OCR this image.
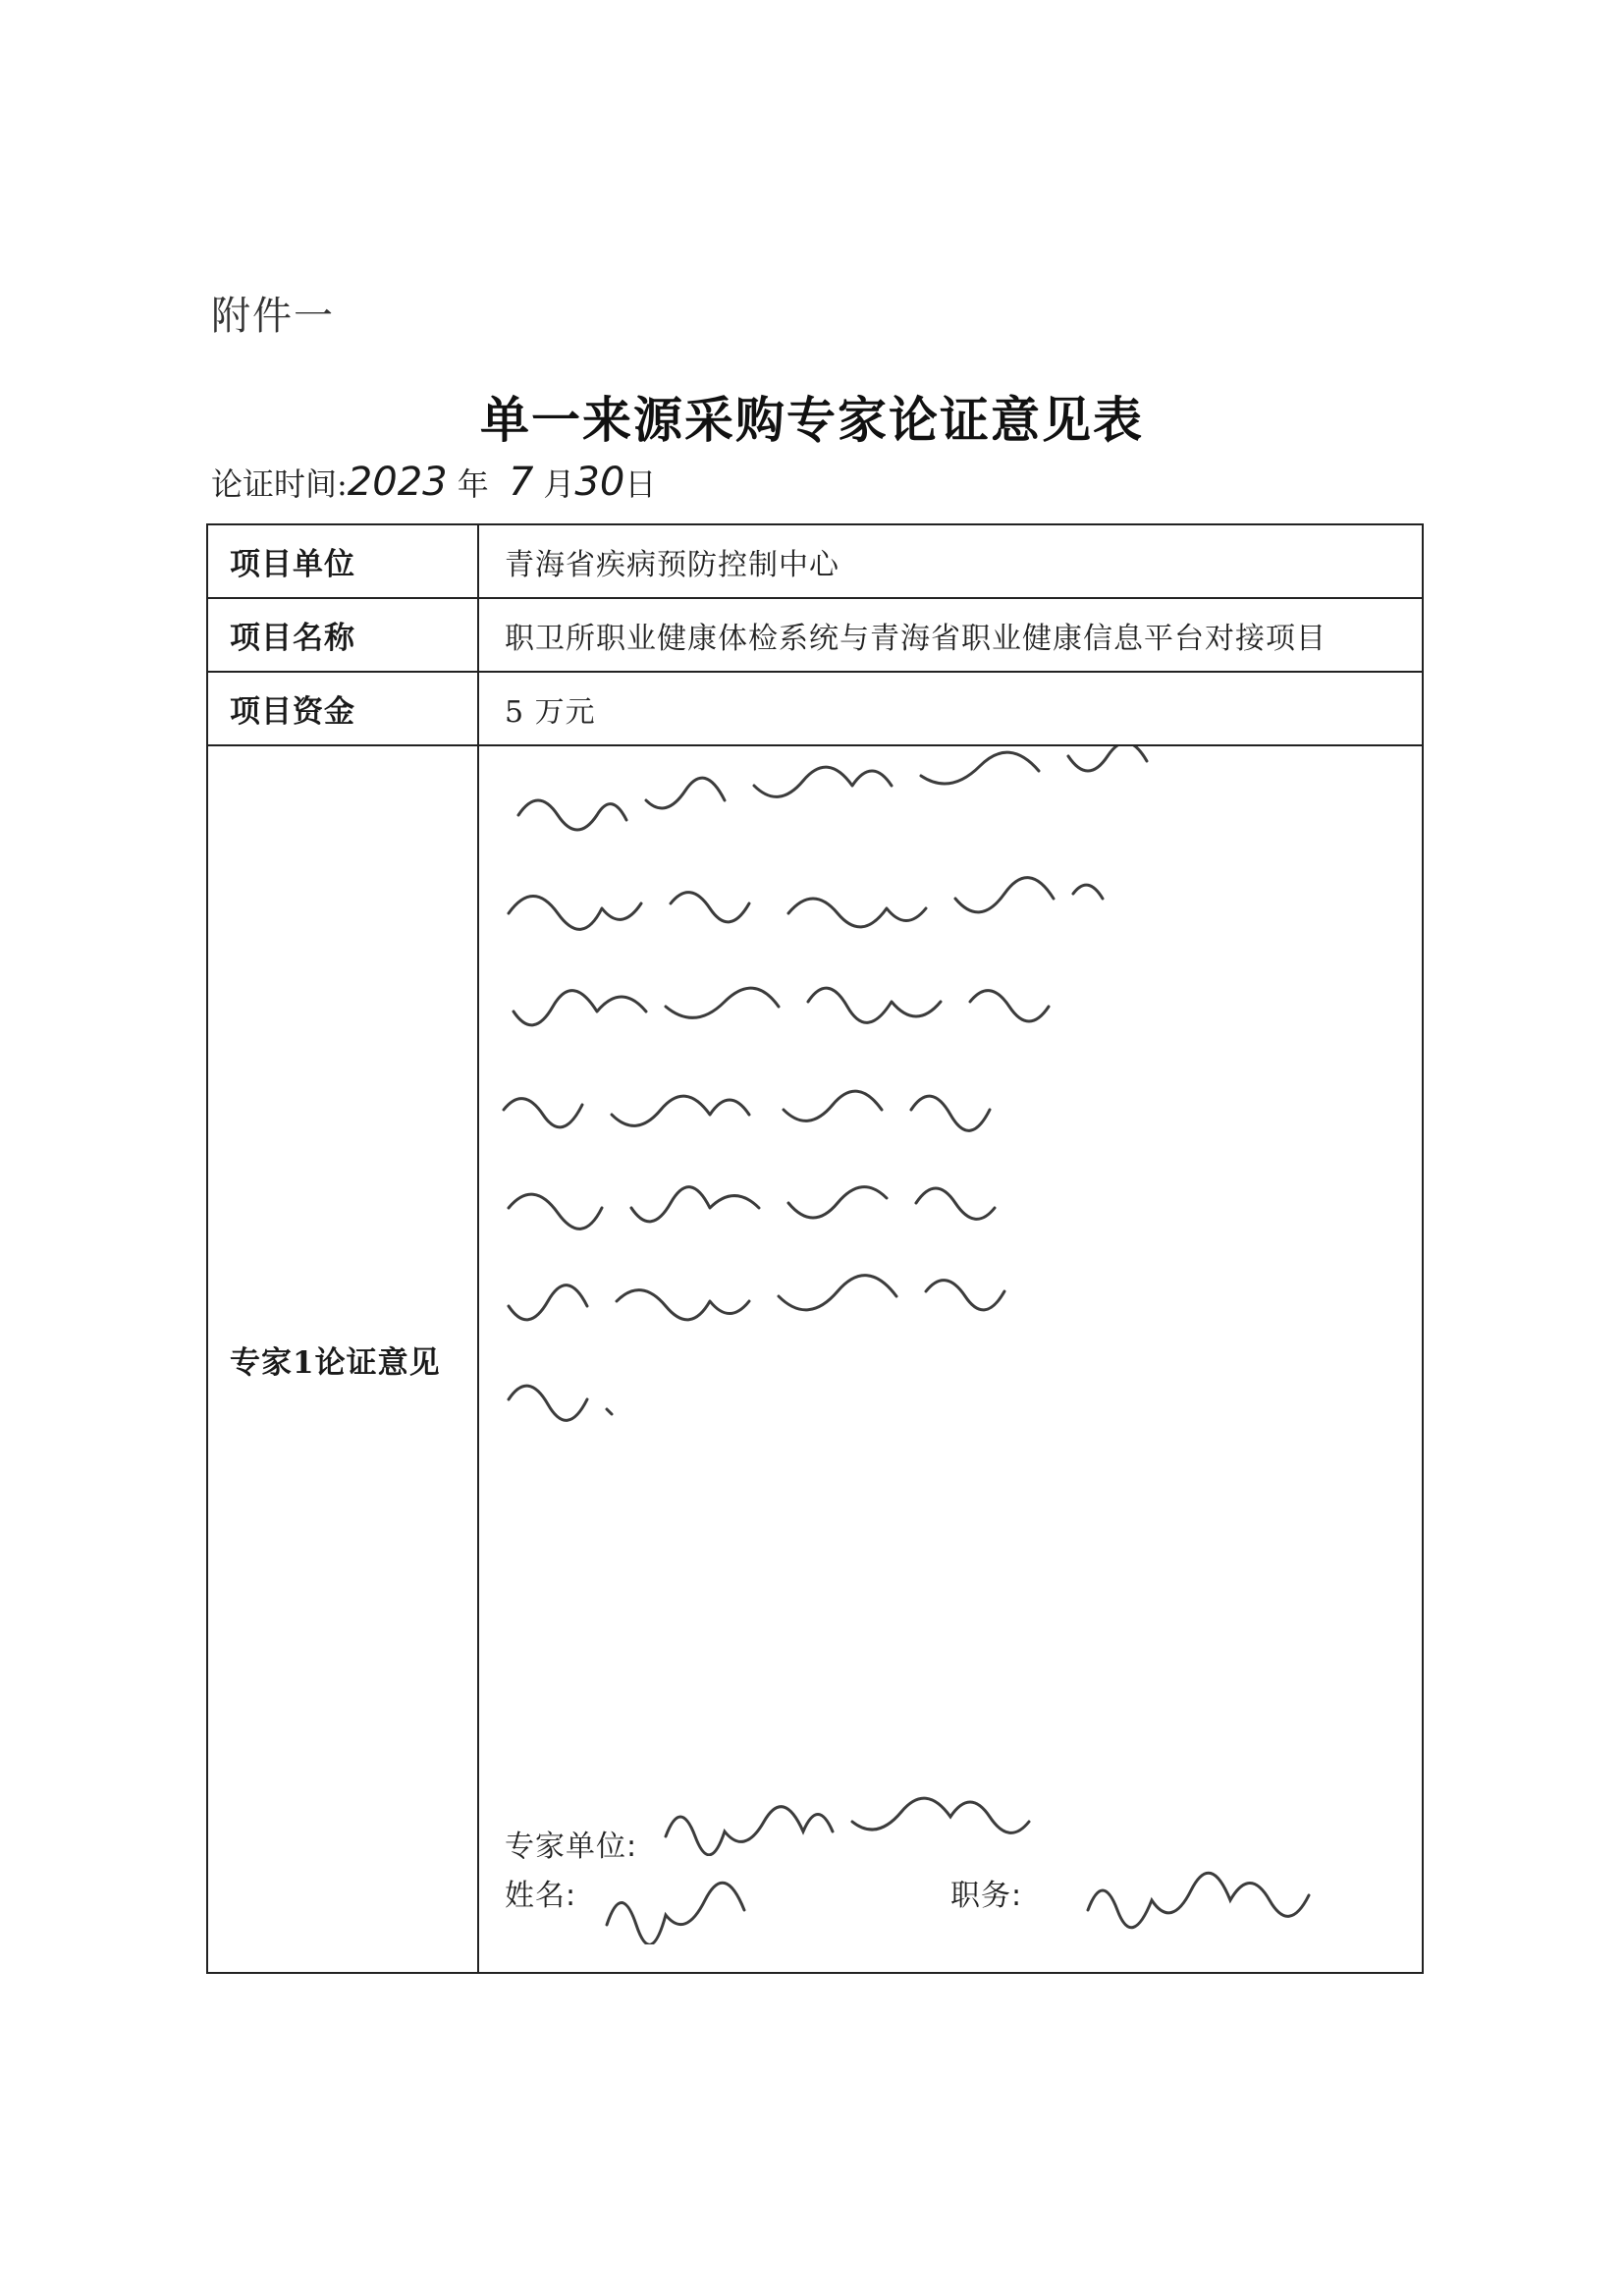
附件一
单一来源采购专家论证意见表
论证时间:2023 年 7 月30日
项目单位	青海省疾病预防控制中心
项目名称	职卫所职业健康体检系统与青海省职业健康信息平台对接项目
项目资金	5 万元
专家1论证意见	专家单位:
姓名: 职务:
